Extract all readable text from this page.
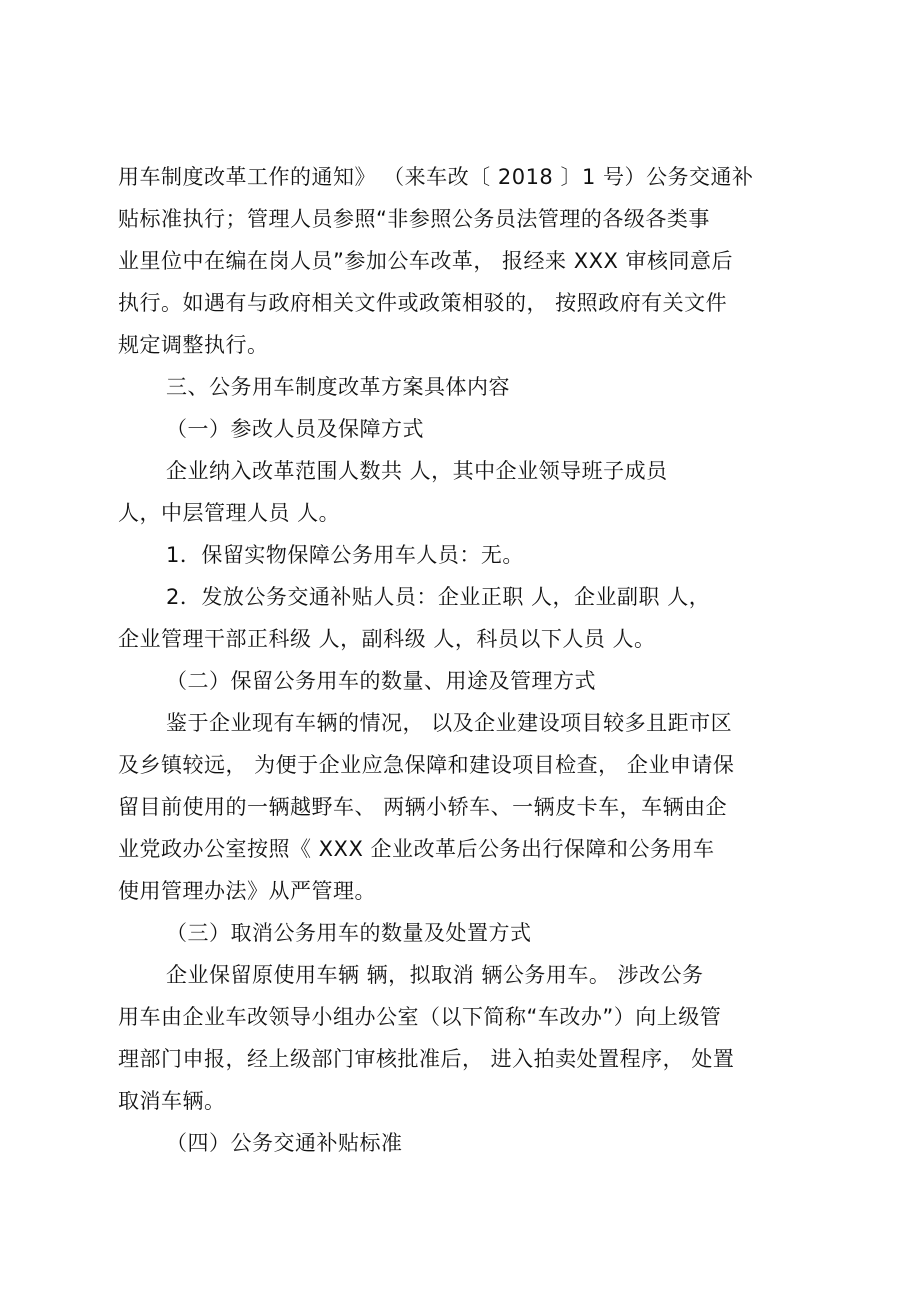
用车制度改革工作的通知》 （来车改〔 2018 〕1 号）公务交通补
贴标准执行；管理人员参照“非参照公务员法管理的各级各类事
业里位中在编在岗人员”参加公车改革， 报经来 XXX 审核同意后
执行。如遇有与政府相关文件或政策相驳的， 按照政府有关文件
规定调整执行。
三、公务用车制度改革方案具体内容
（一）参改人员及保障方式
企业纳入改革范围人数共 人，其中企业领导班子成员
人，中层管理人员 人。
1．保留实物保障公务用车人员：无。
2．发放公务交通补贴人员：企业正职 人，企业副职 人，
企业管理干部正科级 人，副科级 人，科员以下人员 人。
（二）保留公务用车的数量、用途及管理方式
鉴于企业现有车辆的情况， 以及企业建设项目较多且距市区
及乡镇较远， 为便于企业应急保障和建设项目检查， 企业申请保
留目前使用的一辆越野车、 两辆小轿车、一辆皮卡车，车辆由企
业党政办公室按照《 XXX 企业改革后公务出行保障和公务用车
使用管理办法》从严管理。
（三）取消公务用车的数量及处置方式
企业保留原使用车辆 辆，拟取消 辆公务用车。 涉改公务
用车由企业车改领导小组办公室（以下简称“车改办”）向上级管
理部门申报，经上级部门审核批准后， 进入拍卖处置程序， 处置
取消车辆。
（四）公务交通补贴标准
